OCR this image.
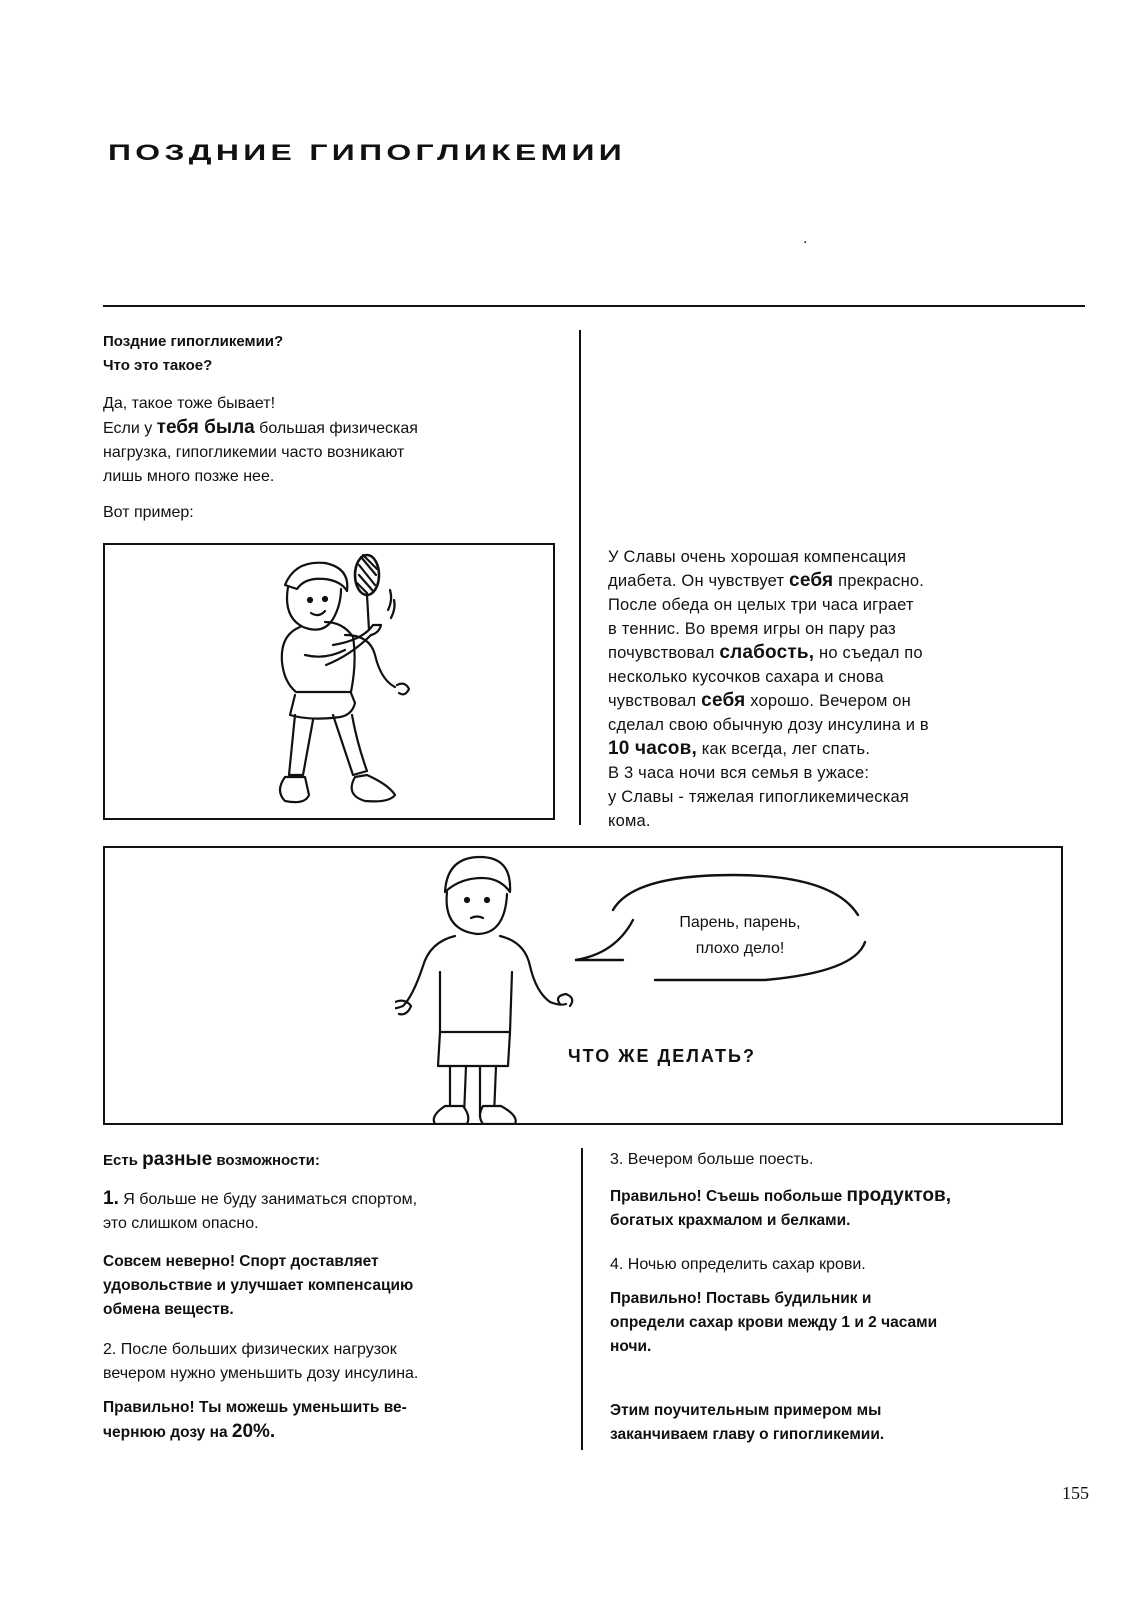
ПОЗДНИЕ ГИПОГЛИКЕМИИ
.

Поздние гипогликемии?

Что это такое?

Да, такое тоже бывает!

Если у тебя была большая физическая

нагрузка, гипогликемии часто возникают

лишь много позже нее.

Вот пример:

У Славы очень хорошая компенсация
диабета. Он чувствует себя прекрасно.
После обеда он целых три часа играет
в теннис. Во время игры он пару раз
почувствовал слабость, но съедал по
несколько кусочков сахара и снова
чувствовал себя хорошо. Вечером он
сделал свою обычную дозу инсулина и в
10 часов, как всегда, лег спать.
В 3 часа ночи вся семья в ужасе:
у Славы - тяжелая гипогликемическая
кома.
Парень, парень,
плохо дело!
ЧТО ЖЕ ДЕЛАТЬ?

Есть разные возможности:

1. Я больше не буду заниматься спортом,

это слишком опасно.

Совсем неверно! Спорт доставляет

удовольствие и улучшает компенсацию

обмена веществ.

2. После больших физических нагрузок

вечером нужно уменьшить дозу инсулина.

Правильно! Ты можешь уменьшить ве-

чернюю дозу на 20%.

3. Вечером больше поесть.

Правильно! Съешь побольше продуктов,

богатых крахмалом и белками.

4. Ночью определить сахар крови.

Правильно! Поставь будильник и

определи сахар крови между 1 и 2 часами

ночи.

Этим поучительным примером мы

заканчиваем главу о гипогликемии.

155
